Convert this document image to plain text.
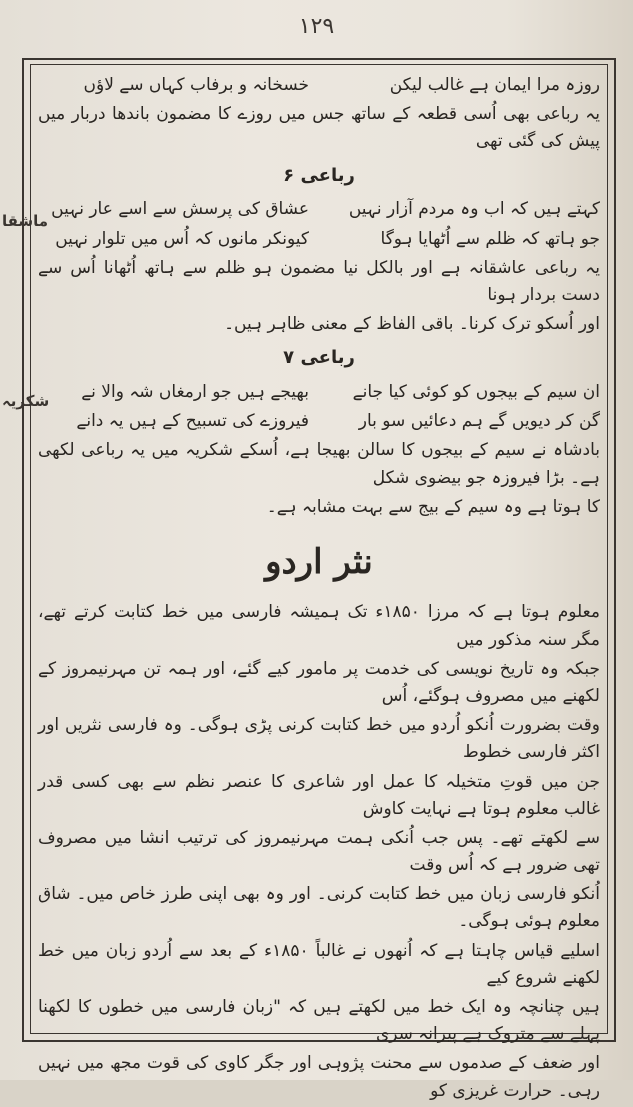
١٢٩
ماشقا
شکریہ
روزہ مرا ایمان ہے غالب لیکن
خسخانہ و برفاب کہاں سے لاؤں
یہ رباعی بھی اُسی قطعہ کے ساتھ جس میں روزے کا مضمون باندھا دربار میں پیش کی گئی تھی
رباعی ۶
کہتے ہیں کہ اب وہ مردم آزار نہیں
عشاق کی پرسش سے اسے عار نہیں
جو ہاتھ کہ ظلم سے اُٹھایا ہوگا
کیونکر مانوں کہ اُس میں تلوار نہیں
یہ رباعی عاشقانہ ہے اور بالکل نیا مضمون ہو ظلم سے ہاتھ اُٹھانا اُس سے دست بردار ہونا
اور اُسکو ترک کرنا۔ باقی الفاظ کے معنی ظاہر ہیں۔
رباعی ۷
ان سیم کے بیجوں کو کوئی کیا جانے
بھیجے ہیں جو ارمغاں شہ والا نے
گن کر دیویں گے ہم دعائیں سو بار
فیروزے کی تسبیح کے ہیں یہ دانے
بادشاہ نے سیم کے بیجوں کا سالن بھیجا ہے، اُسکے شکریہ میں یہ رباعی لکھی ہے۔ بڑا فیروزہ جو بیضوی شکل
کا ہوتا ہے وہ سیم کے بیج سے بہت مشابہ ہے۔
نثر اردو
معلوم ہوتا ہے کہ مرزا ۱۸۵۰ء تک ہمیشہ فارسی میں خط کتابت کرتے تھے، مگر سنہ مذکور میں
جبکہ وہ تاریخ نویسی کی خدمت پر مامور کیے گئے، اور ہمہ تن مہرنیمروز کے لکھنے میں مصروف ہوگئے، اُس
وقت بضرورت اُنکو اُردو میں خط کتابت کرنی پڑی ہوگی۔ وہ فارسی نثریں اور اکثر فارسی خطوط
جن میں قوتِ متخیلہ کا عمل اور شاعری کا عنصر نظم سے بھی کسی قدر غالب معلوم ہوتا ہے نہایت کاوش
سے لکھتے تھے۔ پس جب اُنکی ہمت مہرنیمروز کی ترتیب انشا میں مصروف تھی ضرور ہے کہ اُس وقت
اُنکو فارسی زبان میں خط کتابت کرنی۔ اور وہ بھی اپنی طرز خاص میں۔ شاق معلوم ہوئی ہوگی۔
اسلیے قیاس چاہتا ہے کہ اُنھوں نے غالباً ۱۸۵۰ء کے بعد سے اُردو زبان میں خط لکھنے شروع کیے
ہیں چنانچہ وہ ایک خط میں لکھتے ہیں کہ "زبان فارسی میں خطوں کا لکھنا پہلے سے متروک ہے پیرانہ سری
اور ضعف کے صدموں سے محنت پژوہی اور جگر کاوی کی قوت مجھ میں نہیں رہی۔ حرارت غریزی کو
